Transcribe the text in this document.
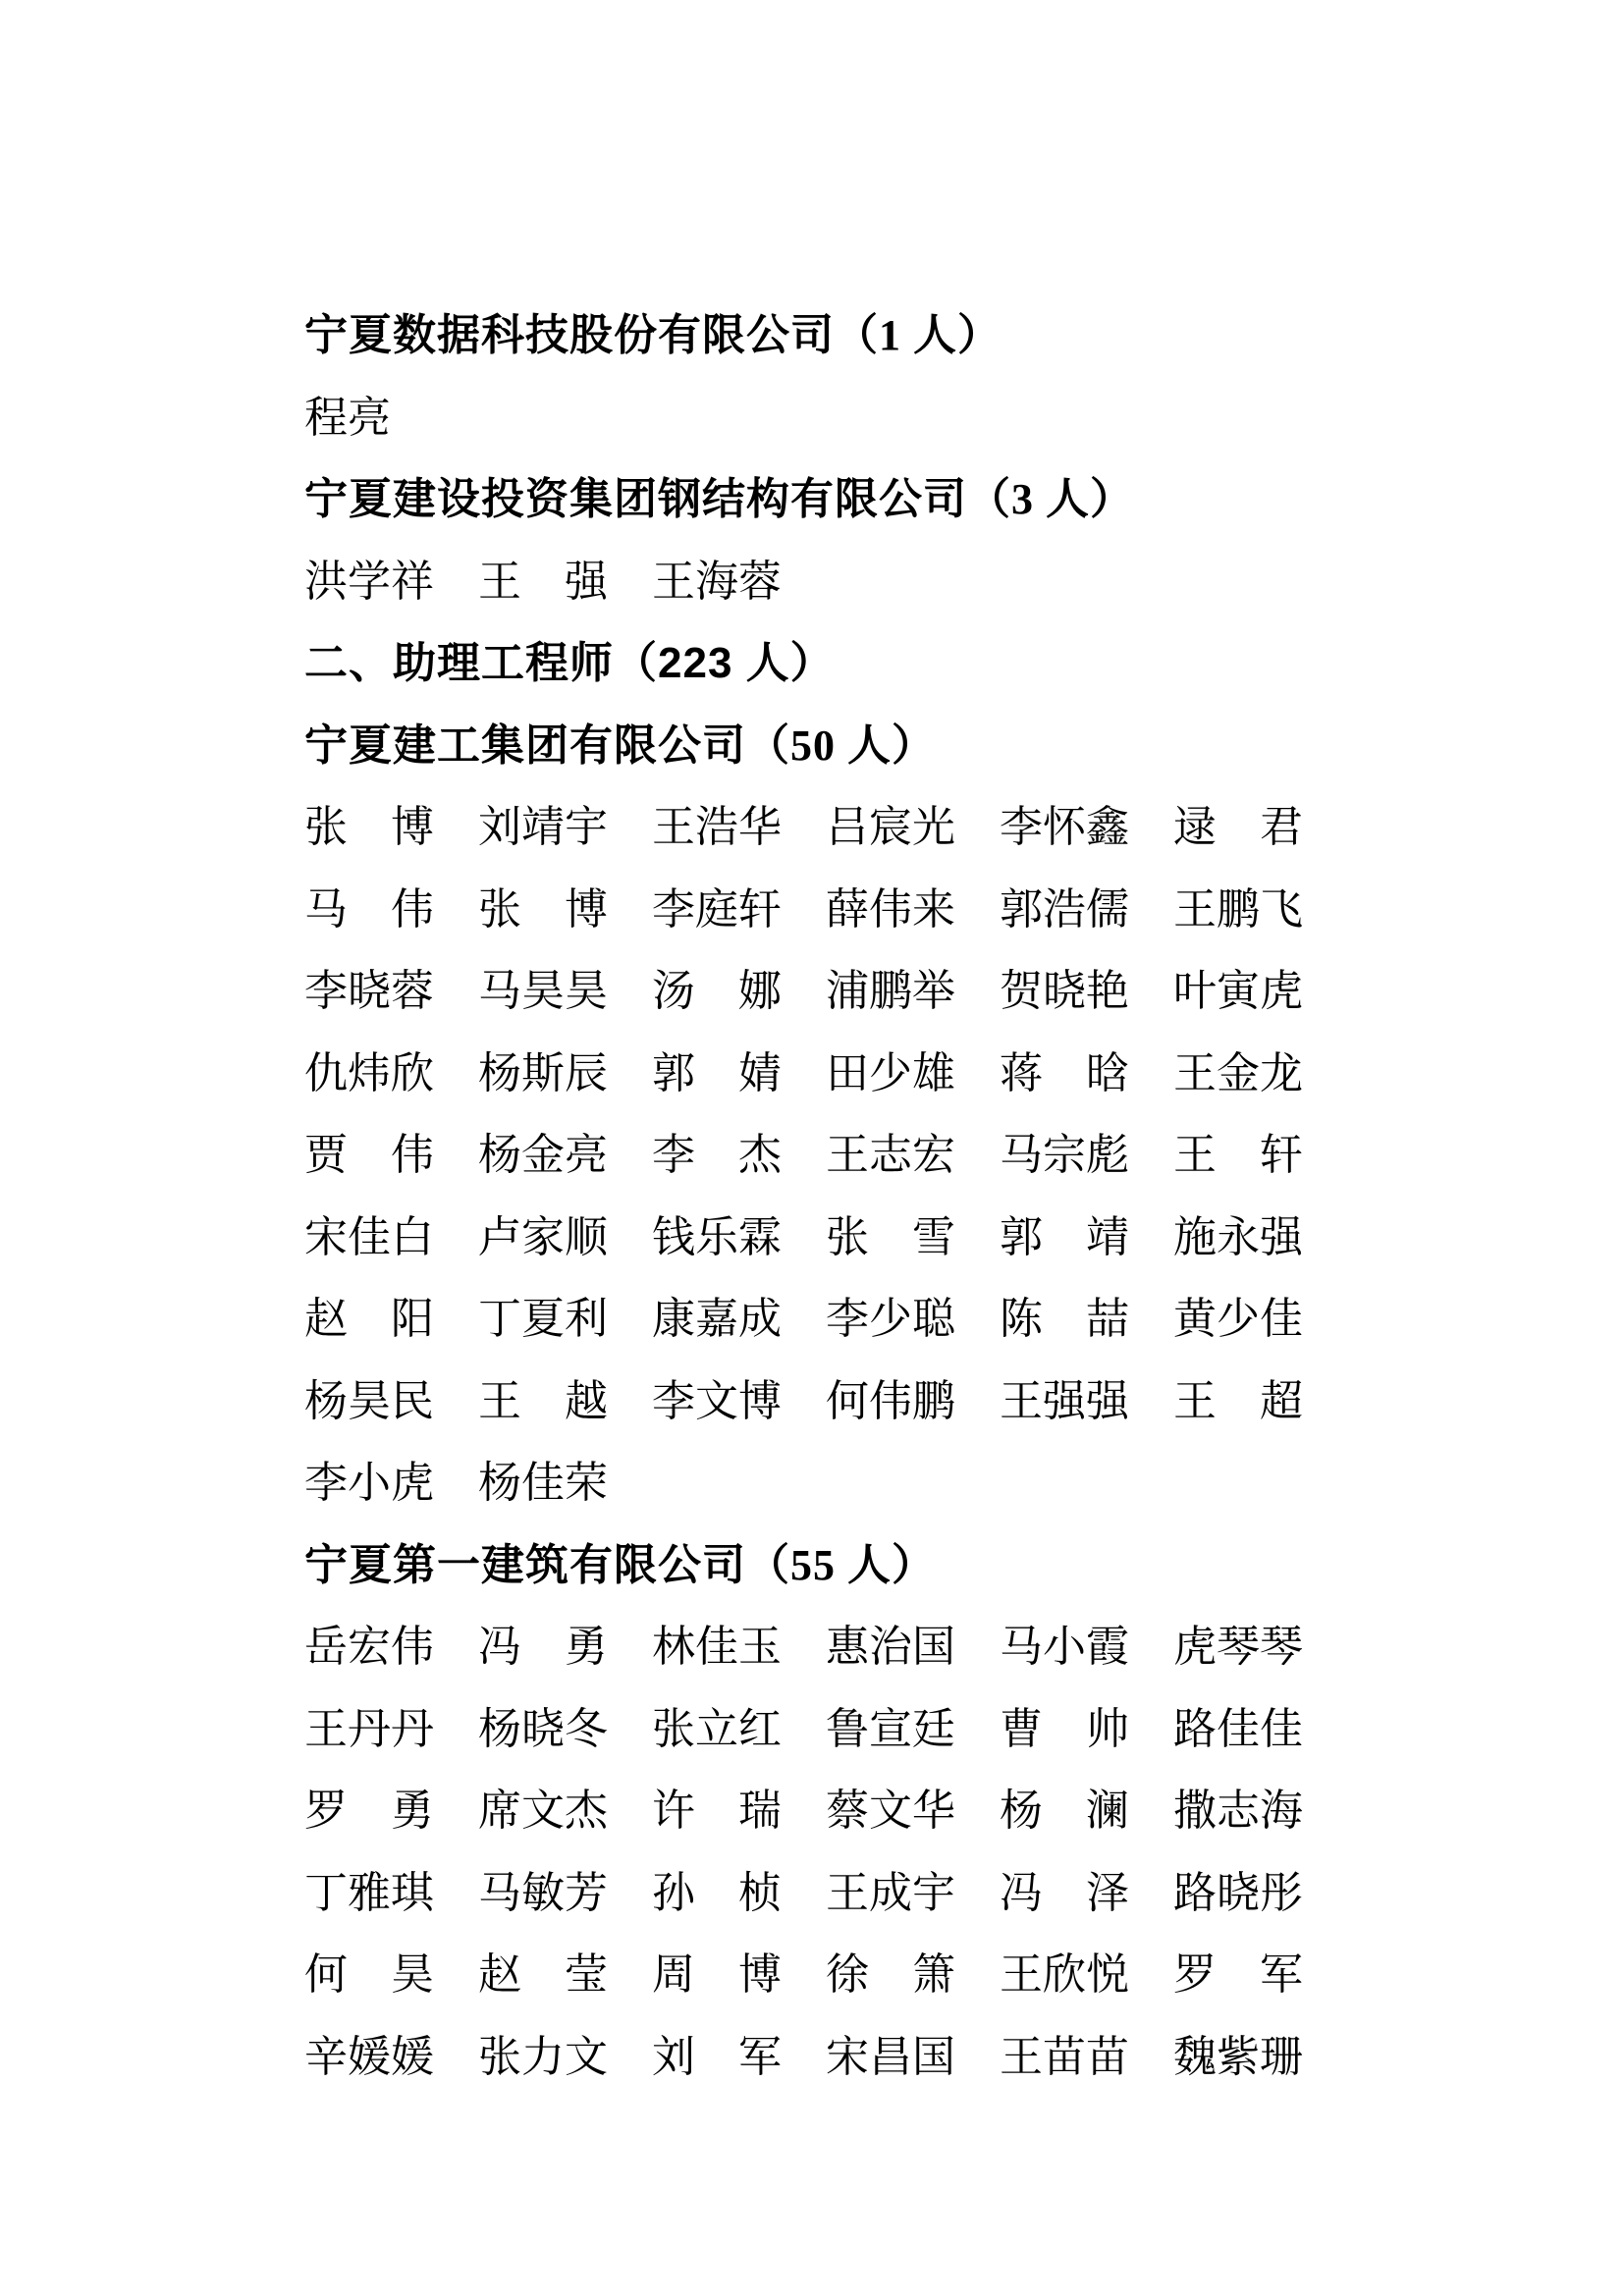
宁夏数据科技股份有限公司（1 人）
程 亮
宁夏建设投资集团钢结构有限公司（3 人）
洪 学 祥 王 强 王 海 蓉
二、助理工程师（223 人）
宁夏建工集团有限公司（50 人）
张 博 刘 靖 宇 王 浩 华 吕 宸 光 李 怀 鑫 逯 君
马 伟 张 博 李 庭 轩 薛 伟 来 郭 浩 儒 王 鹏 飞
李 晓 蓉 马 昊 昊 汤 娜 浦 鹏 举 贺 晓 艳 叶 寅 虎
仇 炜 欣 杨 斯 辰 郭 婧 田 少 雄 蒋 晗 王 金 龙
贾 伟 杨 金 亮 李 杰 王 志 宏 马 宗 彪 王 轩
宋 佳 白 卢 家 顺 钱 乐 霖 张 雪 郭 靖 施 永 强
赵 阳 丁 夏 利 康 嘉 成 李 少 聪 陈 喆 黄 少 佳
杨 昊 民 王 越 李 文 博 何 伟 鹏 王 强 强 王 超
李 小 虎 杨 佳 荣
宁夏第一建筑有限公司（55 人）
岳 宏 伟 冯 勇 林 佳 玉 惠 治 国 马 小 霞 虎 琴 琴
王 丹 丹 杨 晓 冬 张 立 红 鲁 宣 廷 曹 帅 路 佳 佳
罗 勇 席 文 杰 许 瑞 蔡 文 华 杨 澜 撒 志 海
丁 雅 琪 马 敏 芳 孙 桢 王 成 宇 冯 泽 路 晓 彤
何 昊 赵 莹 周 博 徐 箫 王 欣 悦 罗 军
辛 媛 媛 张 力 文 刘 军 宋 昌 国 王 苗 苗 魏 紫 珊
